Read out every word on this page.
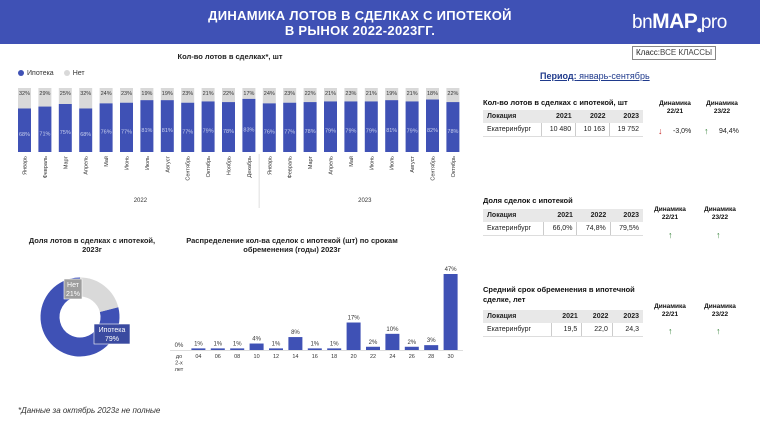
ДИНАМИКА ЛОТОВ В СДЕЛКАХ С ИПОТЕКОЙ
В РЫНОК 2022-2023ГГ.	bnMAP$_●$pro
Класс:ВСЕ КЛАССЫ
Период: январь-сентябрь
Кол-во лотов в сделках*, шт
Ипотека	Нет
32%
68%
Январь
29%
71%
Февраль
25%
75%
Март
32%
68%
Апрель
24%
76%
Май
23%
77%
Июнь
19%
81%
Июль
19%
81%
Август
23%
77%
Сентябрь
21%
79%
Октябрь
22%
78%
Ноябрь
17%
83%
Декабрь
24%
76%
Январь
23%
77%
Февраль
22%
78%
Март
21%
79%
Апрель
23%
79%
Май
21%
79%
Июнь
19%
81%
Июль
21%
79%
Август
18%
82%
Сентябрь
22%
78%
Октябрь
2022	2023
Доля лотов в сделках с ипотекой,
2023г
Нет
21%
Ипотека
79%
Распределение кол-ва сделок с ипотекой (шт) по срокам
обременения (годы) 2023г
0%
до
2-х
лет
1%
04
1%
06
1%
08
4%
10
1%
12
8%
14
1%
16
1%
18
17%
20
2%
22
10%
24
2%
26
3%
28
47%
30
Кол-во лотов в сделках с ипотекой, шт	Динамика 22/21
Динамика 23/22
Локация	2021	2022	2023
Екатеринбург	10 480	10 163	19 752 ↓ -3,0% ↑ 94,4%
Доля сделок с ипотекой
Динамика 22/21
Динамика 23/22
Локация	2021	2022	2023
Екатеринбург	66,0%	74,8%	79,5%
↑	↑
Средний срок обременения в ипотечной
сделке, лет
Динамика 22/21
Динамика 23/22
Локация	2021	2022	2023
Екатеринбург	19,5	22,0	24,3	↑	↑
*Данные за октябрь 2023г не полные
